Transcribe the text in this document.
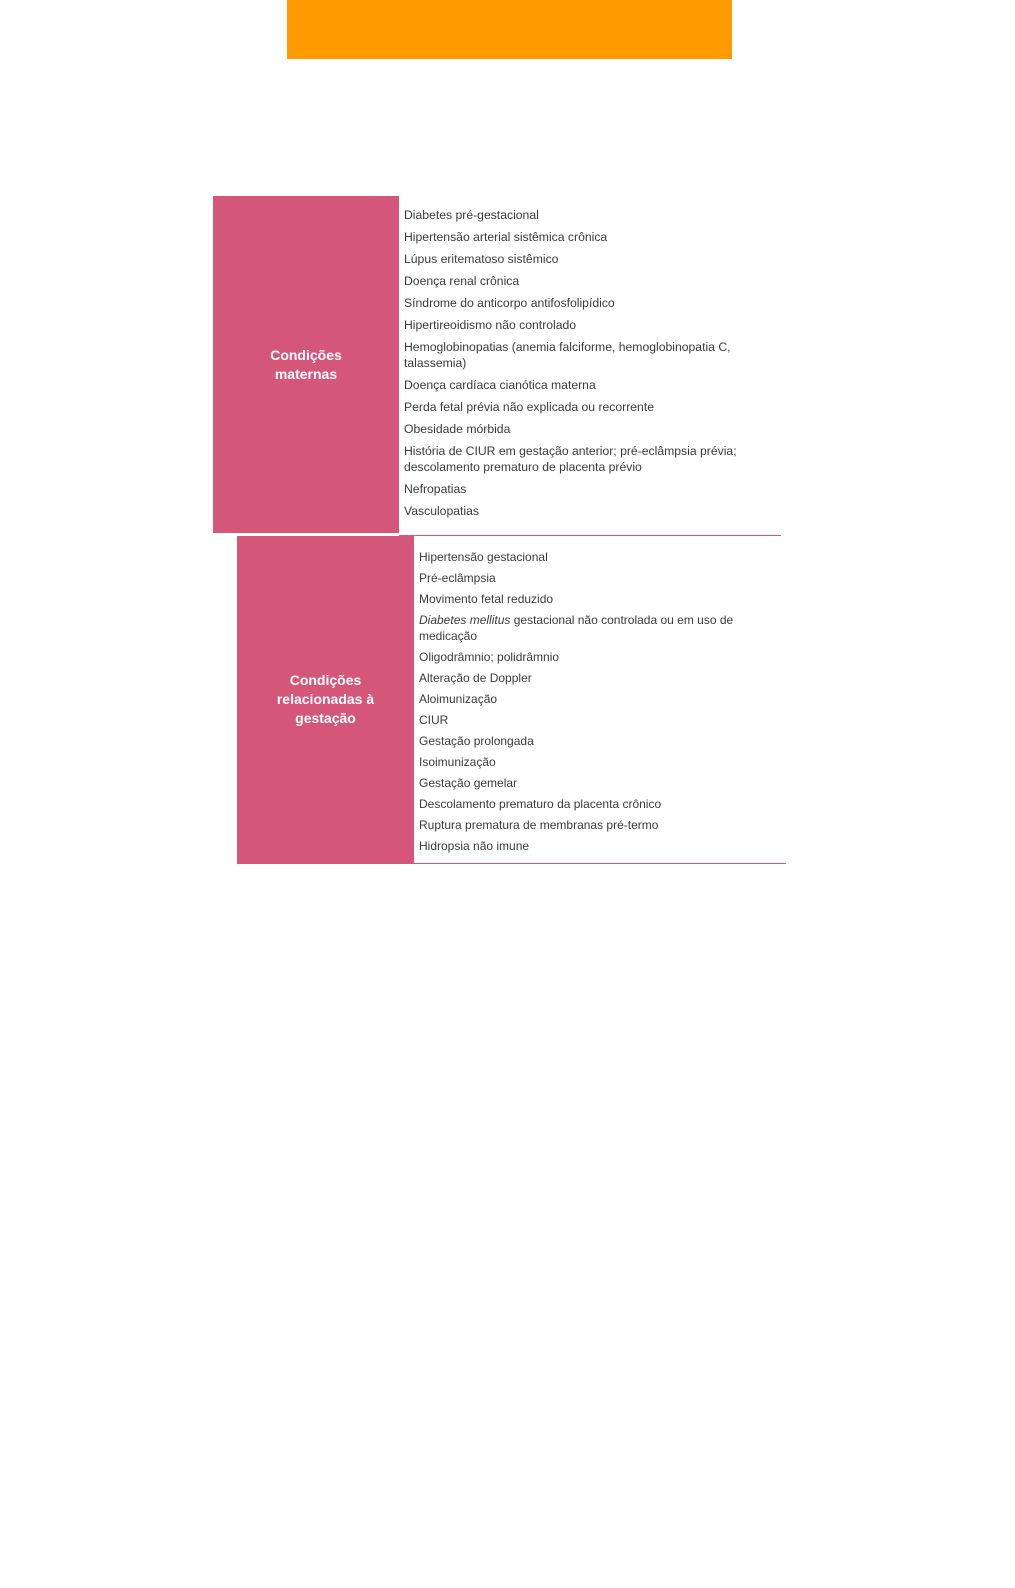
Condições
maternas
Diabetes pré-gestacional
Hipertensão arterial sistêmica crônica
Lúpus eritematoso sistêmico
Doença renal crônica
Síndrome do anticorpo antifosfolipídico
Hipertireoidismo não controlado
Hemoglobinopatias (anemia falciforme, hemoglobinopatia C, talassemia)
Doença cardíaca cianótica materna
Perda fetal prévia não explicada ou recorrente
Obesidade mórbida
História de CIUR em gestação anterior; pré-eclâmpsia prévia; descolamento prematuro de placenta prévio
Nefropatias
Vasculopatias
Condições
relacionadas à
gestação
Hipertensão gestacional
Pré-eclâmpsia
Movimento fetal reduzido
Diabetes mellitus gestacional não controlada ou em uso de medicação
Oligodrâmnio; polidrâmnio
Alteração de Doppler
Aloimunização
CIUR
Gestação prolongada
Isoimunização
Gestação gemelar
Descolamento prematuro da placenta crônico
Ruptura prematura de membranas pré-termo
Hidropsia não imune
